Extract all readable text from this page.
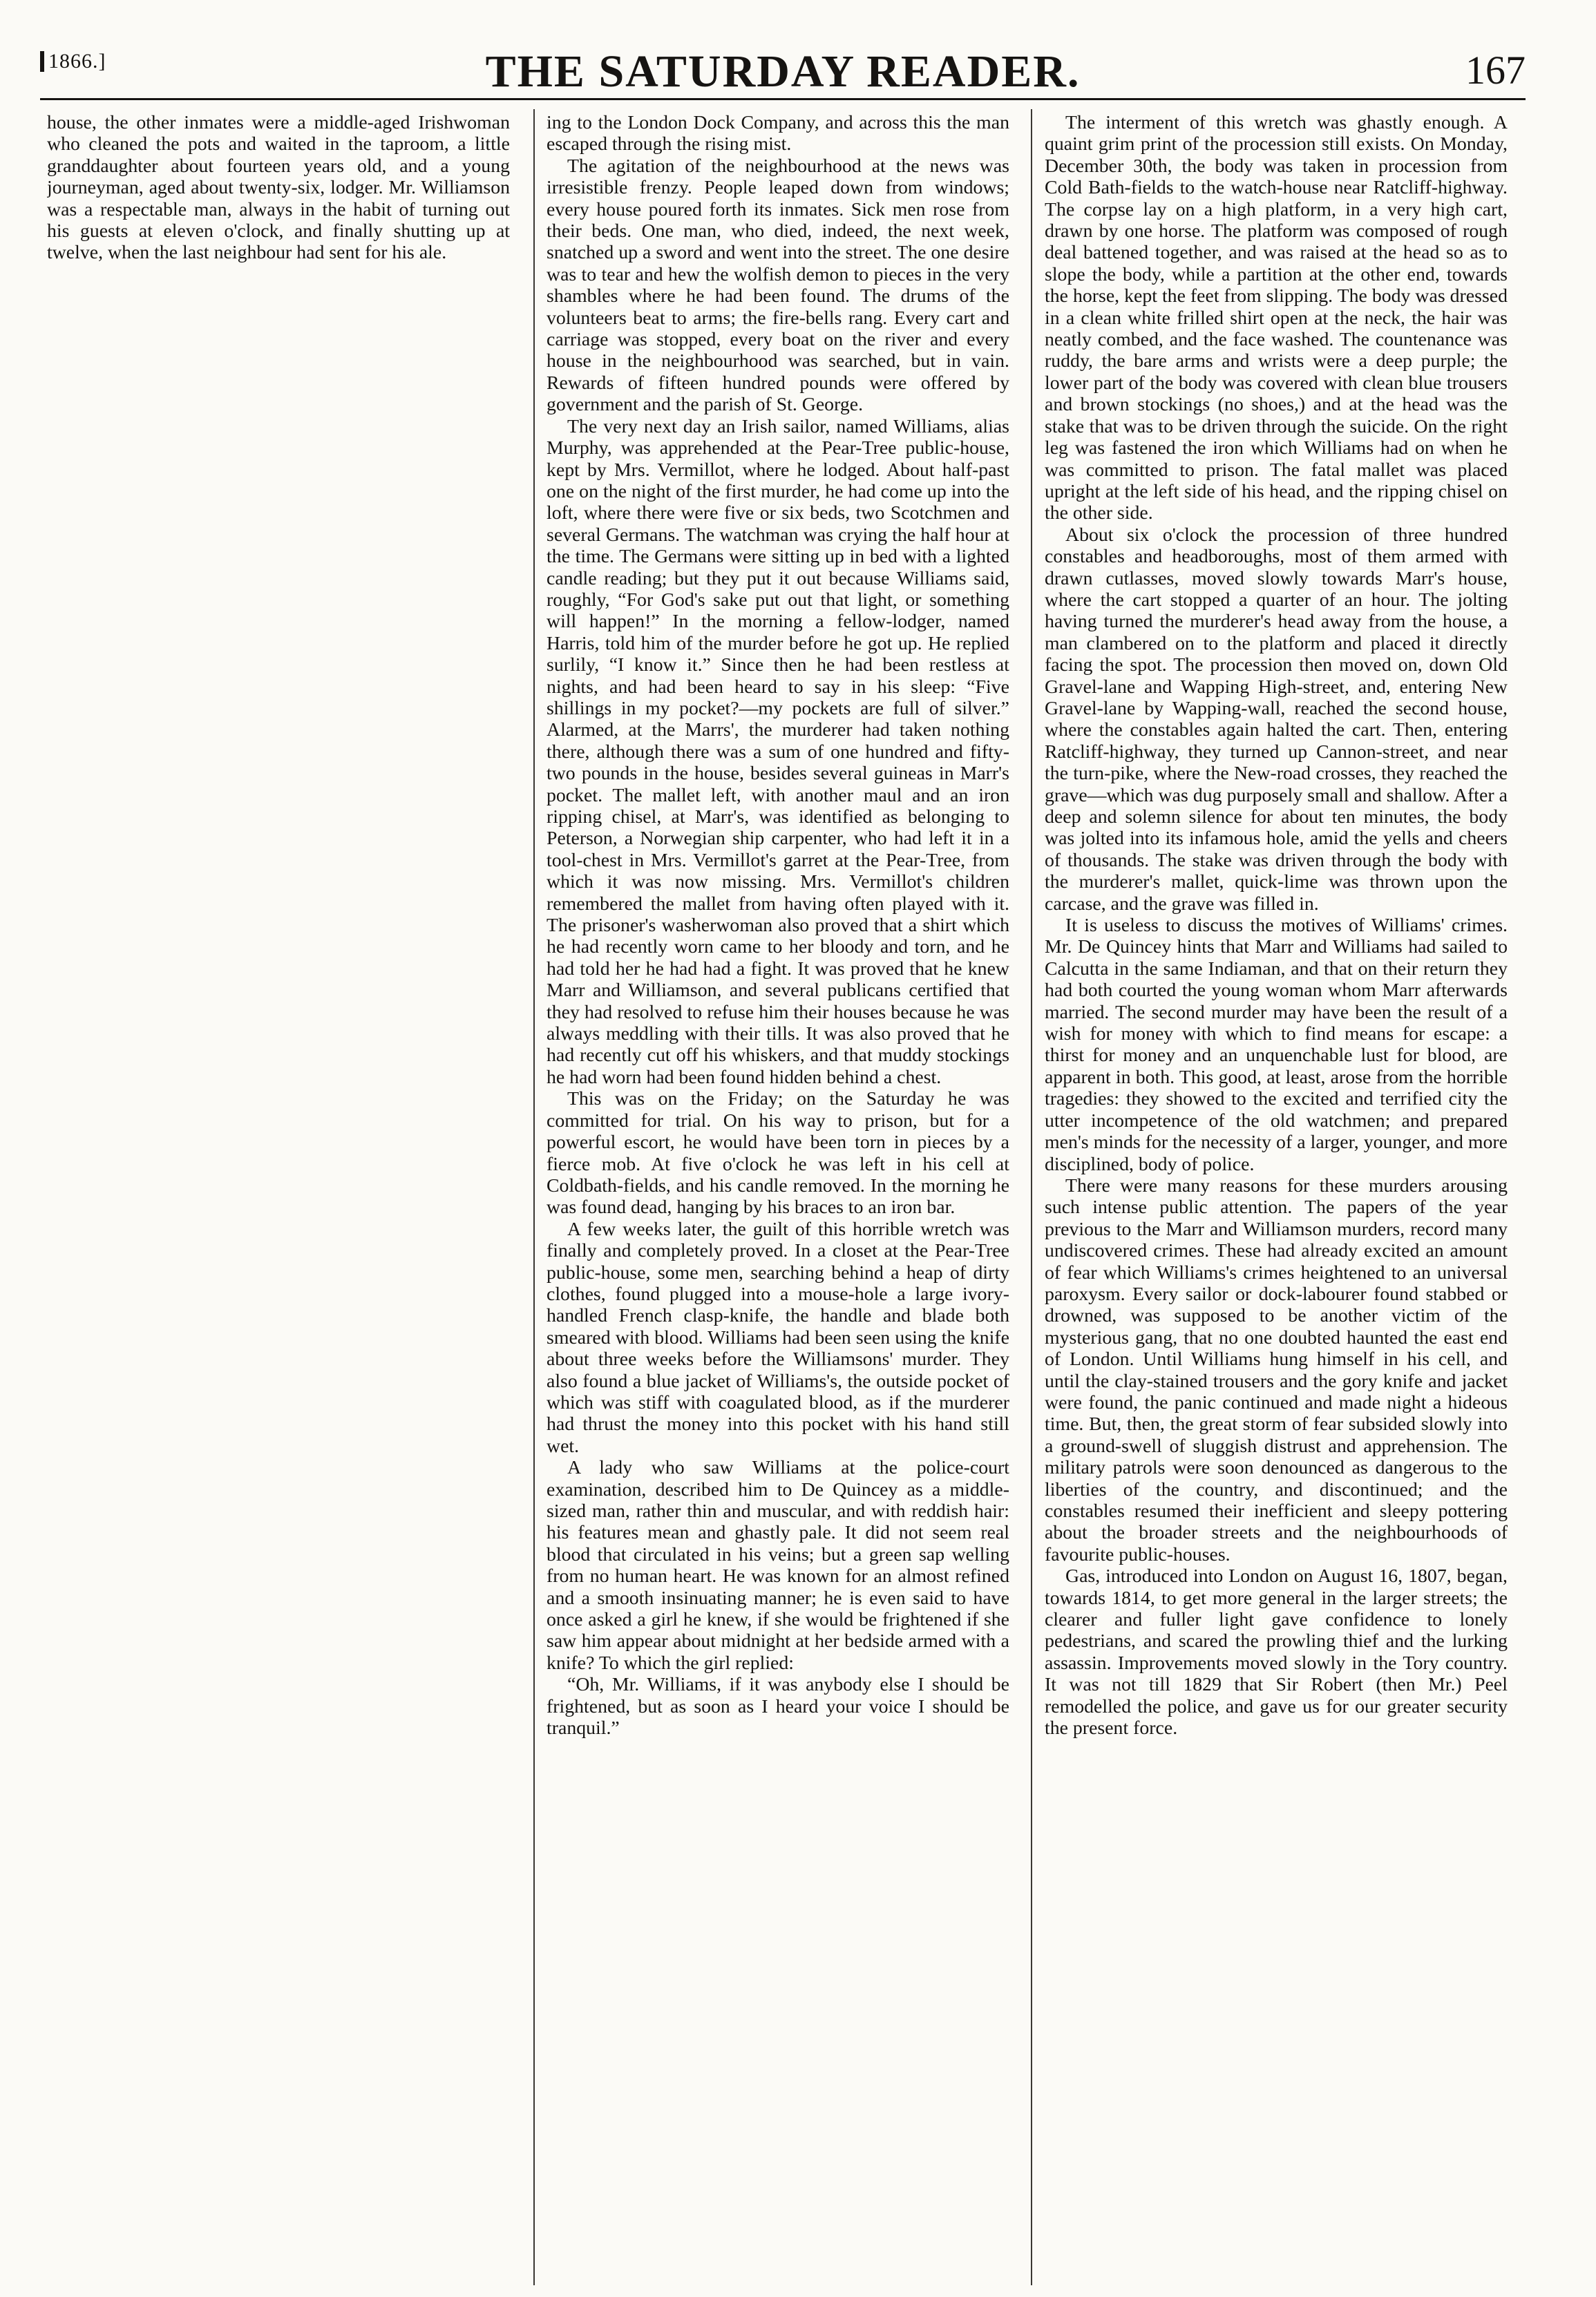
1866.]	THE SATURDAY READER.	167

house, the other inmates were a middle-aged Irishwoman who cleaned the pots and waited in the taproom, a little granddaughter about fourteen years old, and a young journeyman, aged about twenty-six, lodger. Mr. Williamson was a respectable man, always in the habit of turning out his guests at eleven o'clock, and finally shutting up at twelve, when the last neighbour had sent for his ale.

ing to the London Dock Company, and across this the man escaped through the rising mist.

The agitation of the neighbourhood at the news was irresistible frenzy. People leaped down from windows; every house poured forth its inmates. Sick men rose from their beds. One man, who died, indeed, the next week, snatched up a sword and went into the street. The one desire was to tear and hew the wolfish demon to pieces in the very shambles where he had been found. The drums of the volunteers beat to arms; the fire-bells rang. Every cart and carriage was stopped, every boat on the river and every house in the neighbourhood was searched, but in vain. Rewards of fifteen hundred pounds were offered by government and the parish of St. George.

The very next day an Irish sailor, named Williams, alias Murphy, was apprehended at the Pear-Tree public-house, kept by Mrs. Vermillot, where he lodged. About half-past one on the night of the first murder, he had come up into the loft, where there were five or six beds, two Scotchmen and several Germans. The watchman was crying the half hour at the time. The Germans were sitting up in bed with a lighted candle reading; but they put it out because Williams said, roughly, “For God's sake put out that light, or something will happen!” In the morning a fellow-lodger, named Harris, told him of the murder before he got up. He replied surlily, “I know it.” Since then he had been restless at nights, and had been heard to say in his sleep: “Five shillings in my pocket?—my pockets are full of silver.” Alarmed, at the Marrs', the murderer had taken nothing there, although there was a sum of one hundred and fifty-two pounds in the house, besides several guineas in Marr's pocket. The mallet left, with another maul and an iron ripping chisel, at Marr's, was identified as belonging to Peterson, a Norwegian ship carpenter, who had left it in a tool-chest in Mrs. Vermillot's garret at the Pear-Tree, from which it was now missing. Mrs. Vermillot's children remembered the mallet from having often played with it. The prisoner's washerwoman also proved that a shirt which he had recently worn came to her bloody and torn, and he had told her he had had a fight. It was proved that he knew Marr and Williamson, and several publicans certified that they had resolved to refuse him their houses because he was always meddling with their tills. It was also proved that he had recently cut off his whiskers, and that muddy stockings he had worn had been found hidden behind a chest.

This was on the Friday; on the Saturday he was committed for trial. On his way to prison, but for a powerful escort, he would have been torn in pieces by a fierce mob. At five o'clock he was left in his cell at Coldbath-fields, and his candle removed. In the morning he was found dead, hanging by his braces to an iron bar.

A few weeks later, the guilt of this horrible wretch was finally and completely proved. In a closet at the Pear-Tree public-house, some men, searching behind a heap of dirty clothes, found plugged into a mouse-hole a large ivory-handled French clasp-knife, the handle and blade both smeared with blood. Williams had been seen using the knife about three weeks before the Williamsons' murder. They also found a blue jacket of Williams's, the outside pocket of which was stiff with coagulated blood, as if the murderer had thrust the money into this pocket with his hand still wet.

A lady who saw Williams at the police-court examination, described him to De Quincey as a middle-sized man, rather thin and muscular, and with reddish hair: his features mean and ghastly pale. It did not seem real blood that circulated in his veins; but a green sap welling from no human heart. He was known for an almost refined and a smooth insinuating manner; he is even said to have once asked a girl he knew, if she would be frightened if she saw him appear about midnight at her bedside armed with a knife? To which the girl replied:

“Oh, Mr. Williams, if it was anybody else I should be frightened, but as soon as I heard your voice I should be tranquil.”

The interment of this wretch was ghastly enough. A quaint grim print of the procession still exists. On Monday, December 30th, the body was taken in procession from Cold Bath-fields to the watch-house near Ratcliff-highway. The corpse lay on a high platform, in a very high cart, drawn by one horse. The platform was composed of rough deal battened together, and was raised at the head so as to slope the body, while a partition at the other end, towards the horse, kept the feet from slipping. The body was dressed in a clean white frilled shirt open at the neck, the hair was neatly combed, and the face washed. The countenance was ruddy, the bare arms and wrists were a deep purple; the lower part of the body was covered with clean blue trousers and brown stockings (no shoes,) and at the head was the stake that was to be driven through the suicide. On the right leg was fastened the iron which Williams had on when he was committed to prison. The fatal mallet was placed upright at the left side of his head, and the ripping chisel on the other side.

About six o'clock the procession of three hundred constables and headboroughs, most of them armed with drawn cutlasses, moved slowly towards Marr's house, where the cart stopped a quarter of an hour. The jolting having turned the murderer's head away from the house, a man clambered on to the platform and placed it directly facing the spot. The procession then moved on, down Old Gravel-lane and Wapping High-street, and, entering New Gravel-lane by Wapping-wall, reached the second house, where the constables again halted the cart. Then, entering Ratcliff-highway, they turned up Cannon-street, and near the turn-pike, where the New-road crosses, they reached the grave—which was dug purposely small and shallow. After a deep and solemn silence for about ten minutes, the body was jolted into its infamous hole, amid the yells and cheers of thousands. The stake was driven through the body with the murderer's mallet, quick-lime was thrown upon the carcase, and the grave was filled in.

It is useless to discuss the motives of Williams' crimes. Mr. De Quincey hints that Marr and Williams had sailed to Calcutta in the same Indiaman, and that on their return they had both courted the young woman whom Marr afterwards married. The second murder may have been the result of a wish for money with which to find means for escape: a thirst for money and an unquenchable lust for blood, are apparent in both. This good, at least, arose from the horrible tragedies: they showed to the excited and terrified city the utter incompetence of the old watchmen; and prepared men's minds for the necessity of a larger, younger, and more disciplined, body of police.

There were many reasons for these murders arousing such intense public attention. The papers of the year previous to the Marr and Williamson murders, record many undiscovered crimes. These had already excited an amount of fear which Williams's crimes heightened to an universal paroxysm. Every sailor or dock-labourer found stabbed or drowned, was supposed to be another victim of the mysterious gang, that no one doubted haunted the east end of London. Until Williams hung himself in his cell, and until the clay-stained trousers and the gory knife and jacket were found, the panic continued and made night a hideous time. But, then, the great storm of fear subsided slowly into a ground-swell of sluggish distrust and apprehension. The military patrols were soon denounced as dangerous to the liberties of the country, and discontinued; and the constables resumed their inefficient and sleepy pottering about the broader streets and the neighbourhoods of favourite public-houses.

Gas, introduced into London on August 16, 1807, began, towards 1814, to get more general in the larger streets; the clearer and fuller light gave confidence to lonely pedestrians, and scared the prowling thief and the lurking assassin. Improvements moved slowly in the Tory country. It was not till 1829 that Sir Robert (then Mr.) Peel remodelled the police, and gave us for our greater security the present force.
